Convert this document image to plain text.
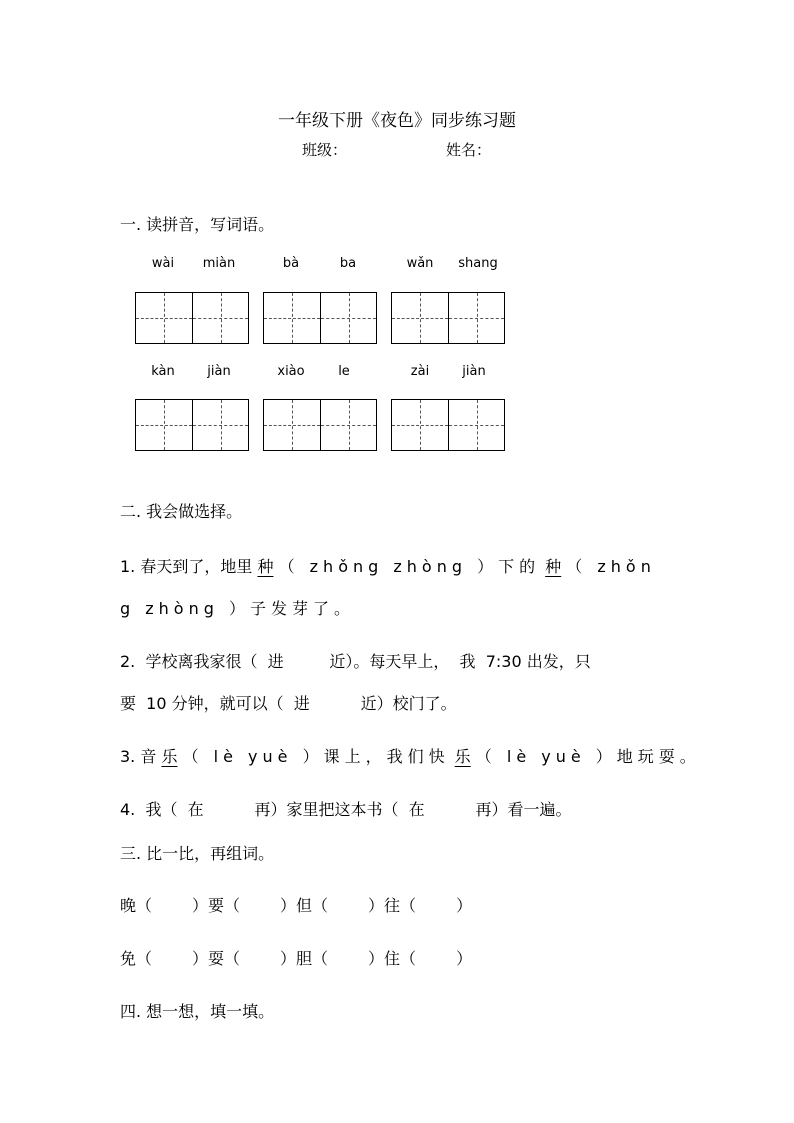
一年级下册《夜色》同步练习题
班级：	姓名：
一. 读拼音，写词语。
wài	miàn	bà	ba	wǎn	shang
kàn	jiàn	xiào	le	zài	jiàn
二. 我会做选择。
1. 春天到了，地里 种 （ zhǒng zhòng ）下的 种 （ zhǒn
g zhòng ）子发芽了。
2.  学校离我家很（  进         近）。每天早上，  我  7:30 出发，只
要  10 分钟，就可以（  进          近）校门了。
3. 音 乐 （ lè yuè ）课上，我们快 乐 （ lè yuè ）地玩耍。
4.  我（  在          再）家里把这本书（  在          再）看一遍。
三. 比一比，再组词。
晚（	）要（	）但（	）往（	）
免（	）耍（	）胆（	）住（	）
四. 想一想，填一填。
